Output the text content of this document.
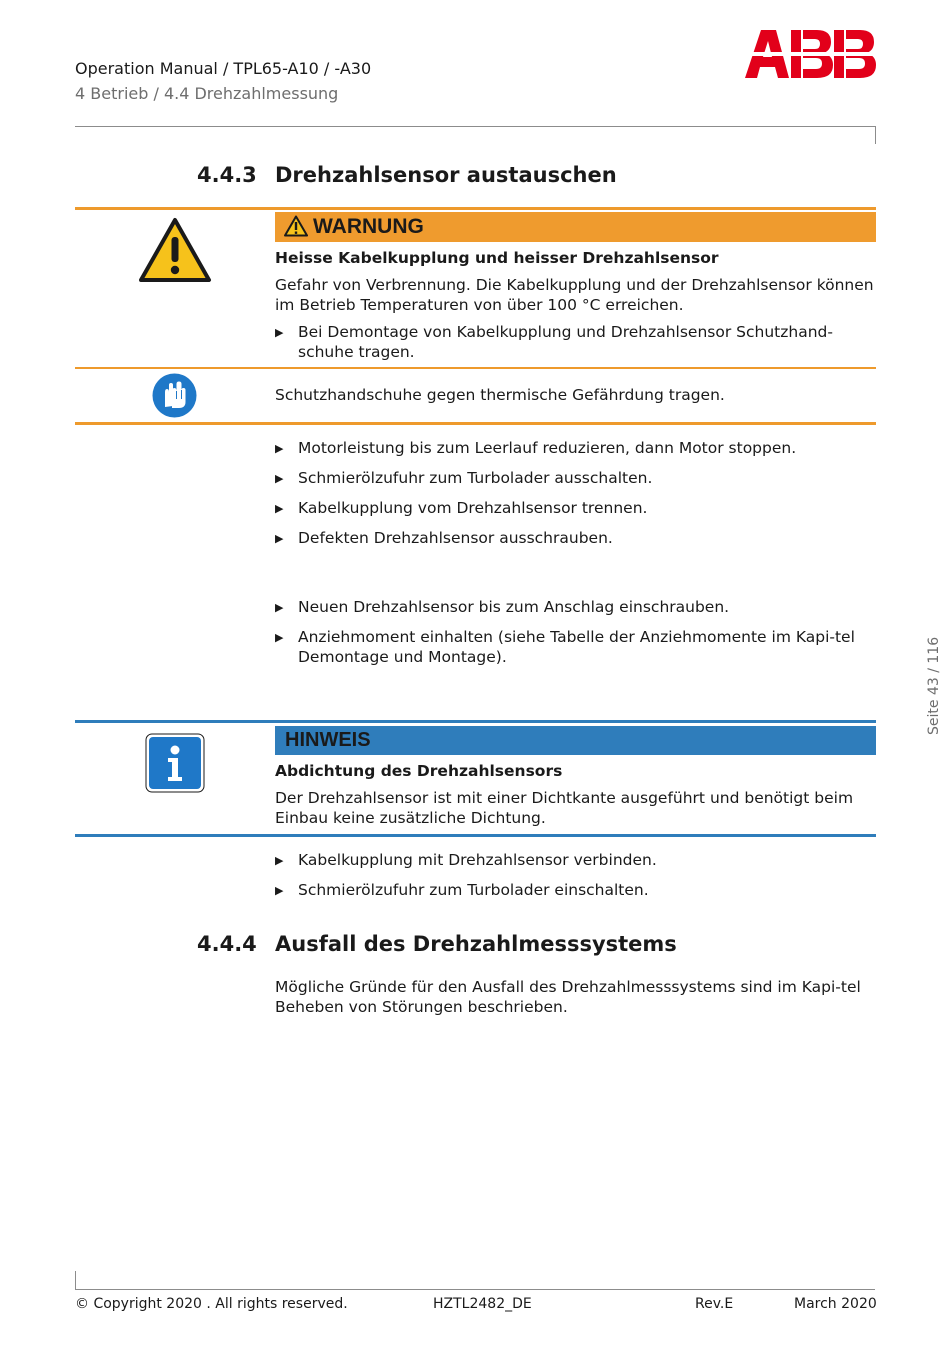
Operation Manual / TPL65-A10 / -A30
4 Betrieb / 4.4 Drehzahlmessung
4.4.3 Drehzahlsensor austauschen
WARNUNG
Heisse Kabelkupplung und heisser Drehzahlsensor
Gefahr von Verbrennung. Die Kabelkupplung und der Drehzahlsensor können im Betrieb Temperaturen von über 100 °C erreichen.
▶ Bei Demontage von Kabelkupplung und Drehzahlsensor Schutzhand-schuhe tragen.
Schutzhandschuhe gegen thermische Gefährdung tragen.
▶ Motorleistung bis zum Leerlauf reduzieren, dann Motor stoppen.
▶ Schmierölzufuhr zum Turbolader ausschalten.
▶ Kabelkupplung vom Drehzahlsensor trennen.
▶ Defekten Drehzahlsensor ausschrauben.
▶ Neuen Drehzahlsensor bis zum Anschlag einschrauben.
▶ Anziehmoment einhalten (siehe Tabelle der Anziehmomente im Kapi-tel Demontage und Montage).
HINWEIS
Abdichtung des Drehzahlsensors
Der Drehzahlsensor ist mit einer Dichtkante ausgeführt und benötigt beim Einbau keine zusätzliche Dichtung.
▶ Kabelkupplung mit Drehzahlsensor verbinden.
▶ Schmierölzufuhr zum Turbolader einschalten.
4.4.4 Ausfall des Drehzahlmesssystems
Mögliche Gründe für den Ausfall des Drehzahlmesssystems sind im Kapi-tel Beheben von Störungen beschrieben.
Seite 43 / 116
© Copyright 2020 . All rights reserved.	HZTL2482_DE	Rev.E	March 2020
